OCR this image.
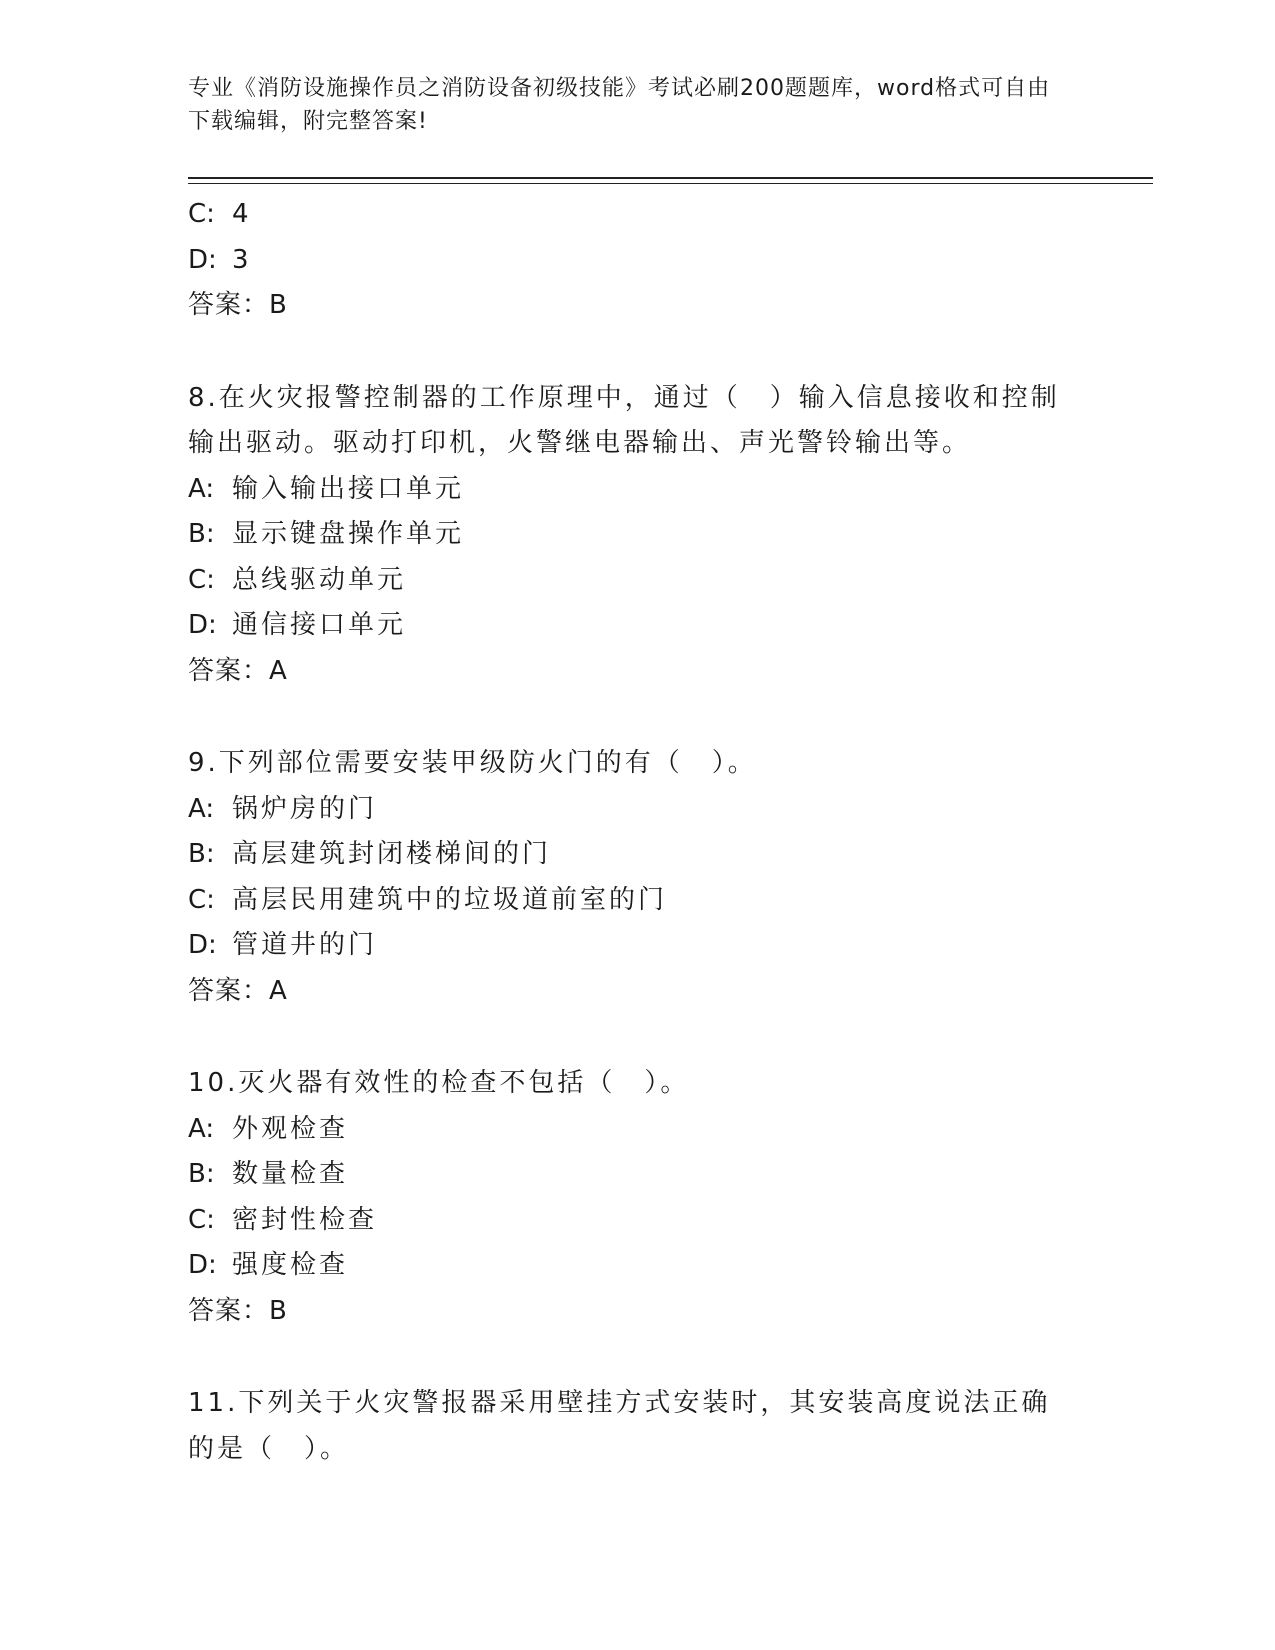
专业《消防设施操作员之消防设备初级技能》考试必刷200题题库，word格式可自由下载编辑，附完整答案!
C: 4
D: 3
答案：B
8.在火灾报警控制器的工作原理中，通过（　）输入信息接收和控制输出驱动。驱动打印机，火警继电器输出、声光警铃输出等。
A: 输入输出接口单元
B: 显示键盘操作单元
C: 总线驱动单元
D: 通信接口单元
答案：A
9.下列部位需要安装甲级防火门的有（　）。
A: 锅炉房的门
B: 高层建筑封闭楼梯间的门
C: 高层民用建筑中的垃圾道前室的门
D: 管道井的门
答案：A
10.灭火器有效性的检查不包括（　）。
A: 外观检查
B: 数量检查
C: 密封性检查
D: 强度检查
答案：B
11.下列关于火灾警报器采用壁挂方式安装时，其安装高度说法正确的是（　）。
